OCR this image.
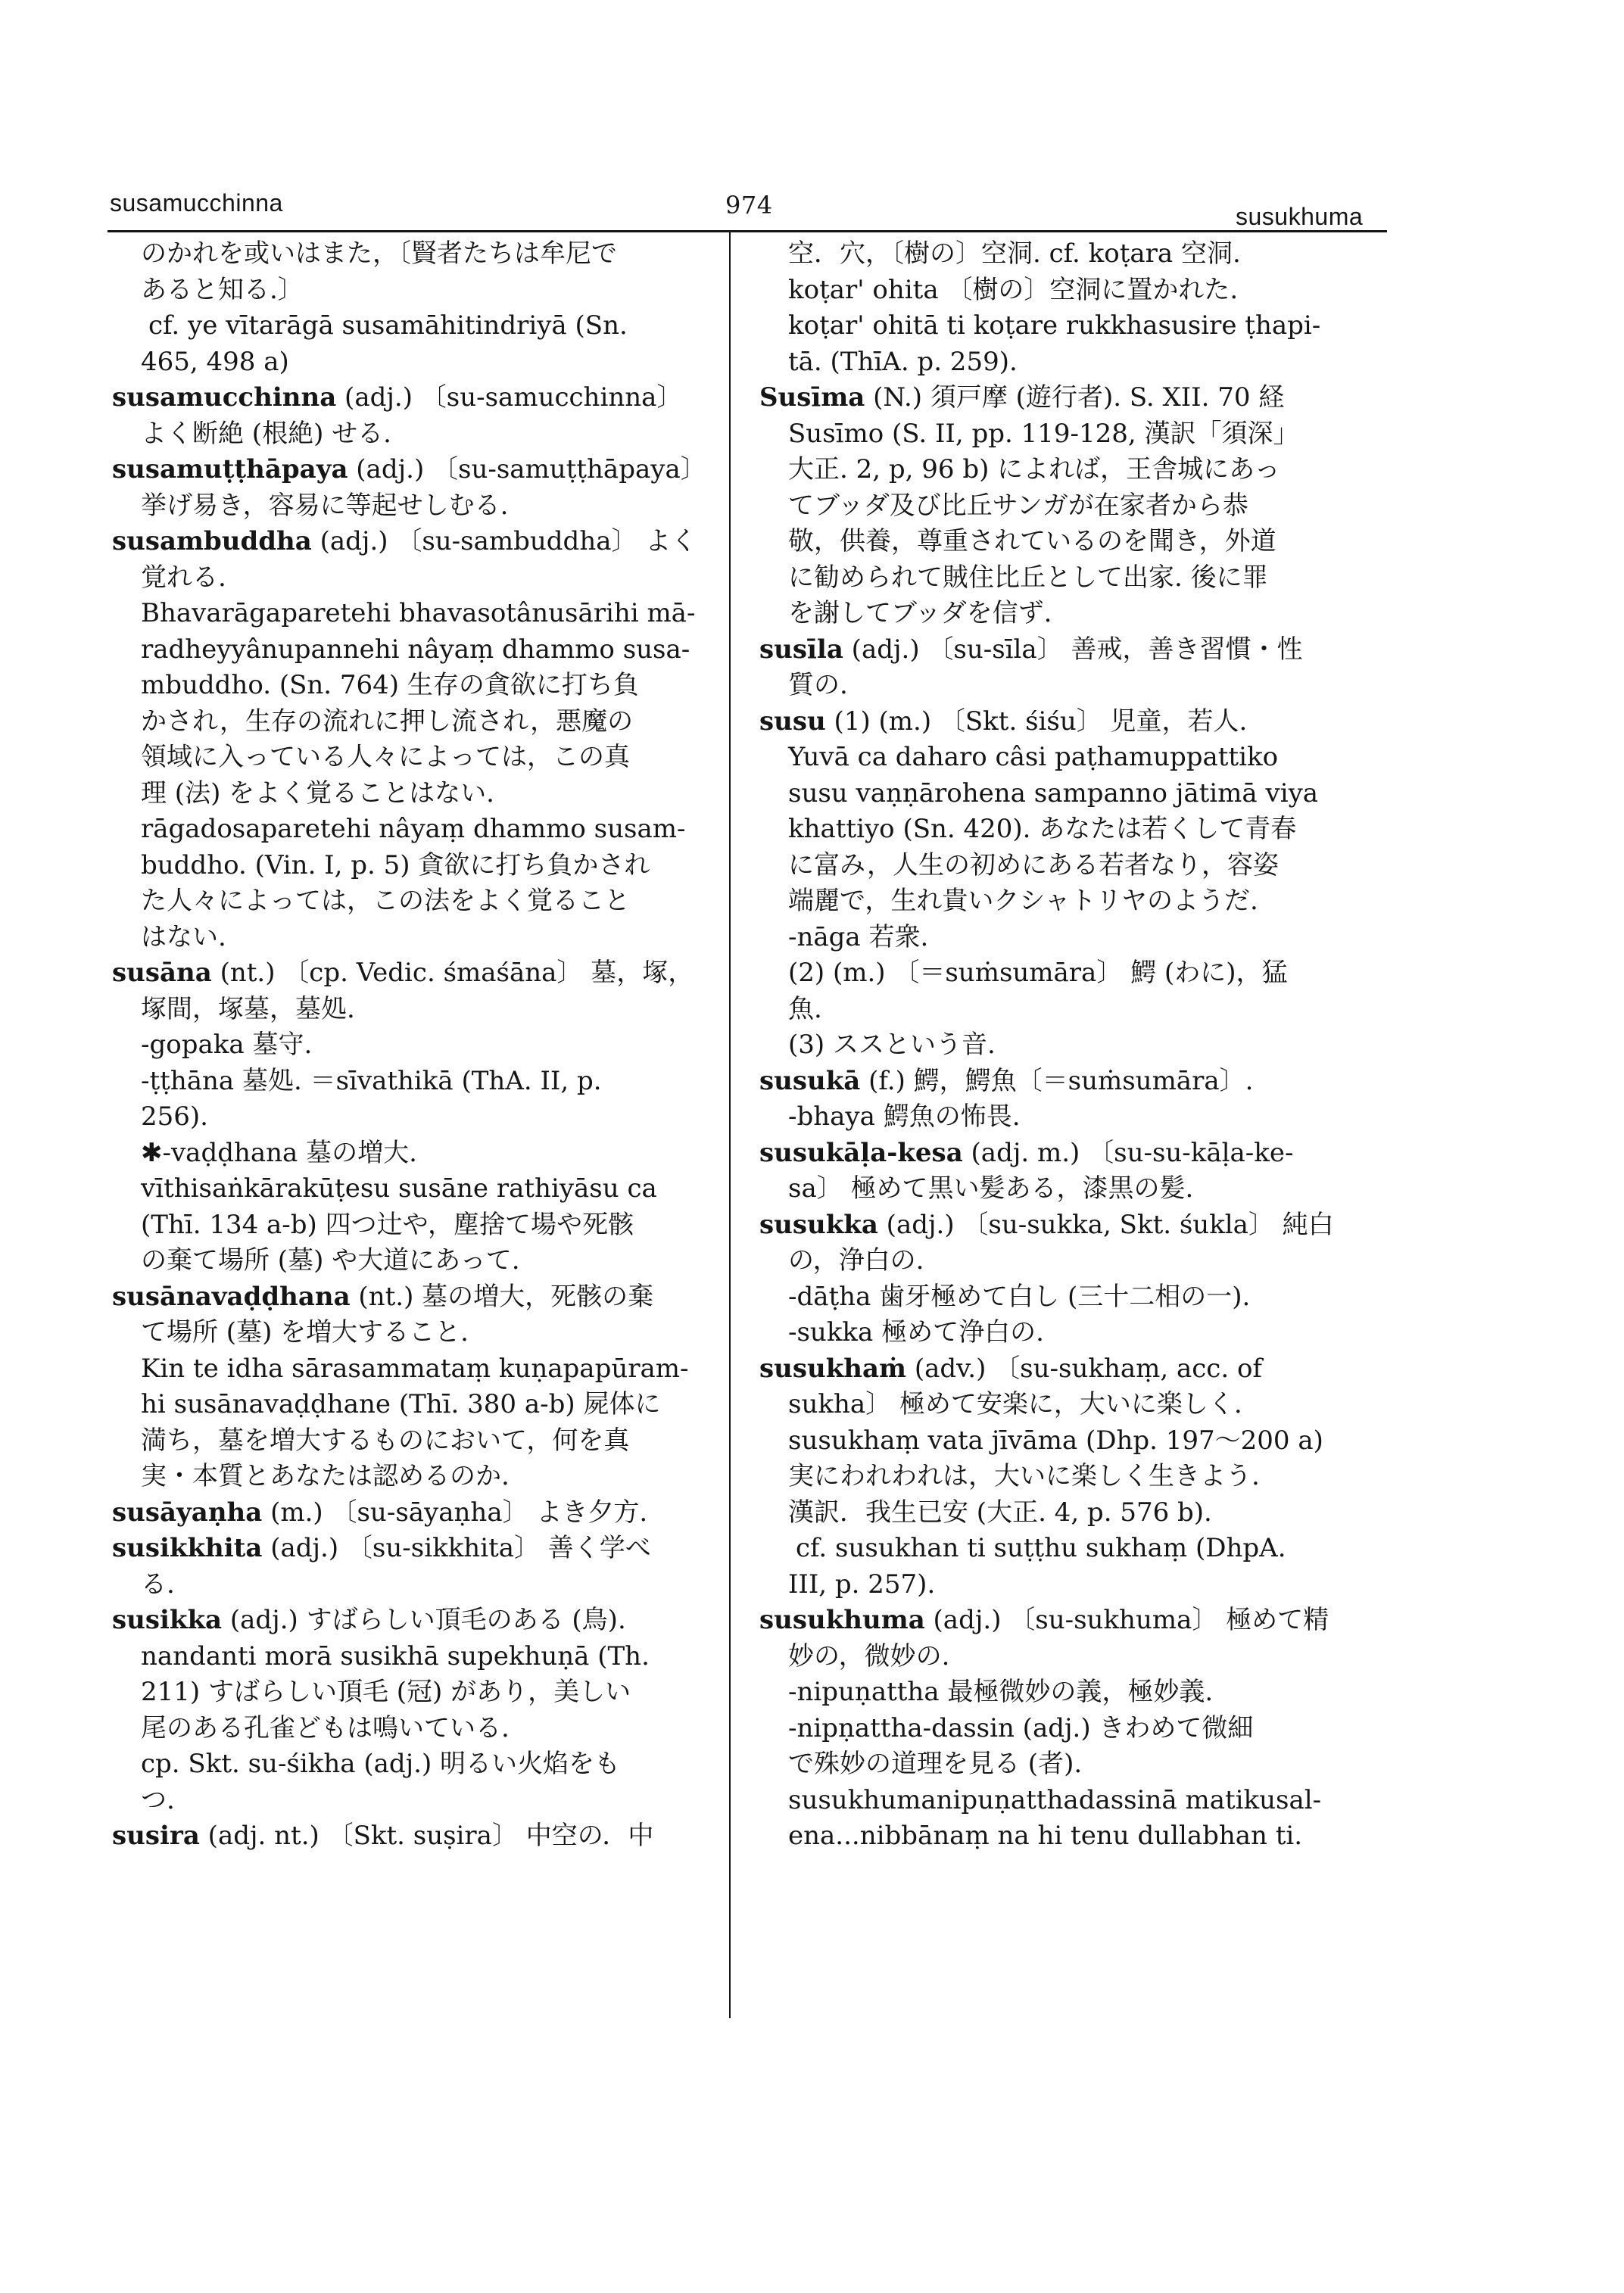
susamucchinna	974	susukhuma
のかれを或いはまた，〔賢者たちは牟尼で
あると知る.〕
cf. ye vītarāgā susamāhitindriyā (Sn.
465, 498 a)
susamucchinna (adj.) 〔su-samucchinna〕
よく断絶 (根絶) せる.
susamuṭṭhāpaya (adj.) 〔su-samuṭṭhāpaya〕
挙げ易き，容易に等起せしむる.
susambuddha (adj.) 〔su-sambuddha〕 よく
覚れる.
Bhavarāgaparetehi bhavasotânusārihi mā-
radheyyânupannehi nâyaṃ dhammo susa-
mbuddho. (Sn. 764) 生存の貪欲に打ち負
かされ，生存の流れに押し流され，悪魔の
領域に入っている人々によっては，この真
理 (法) をよく覚ることはない.
rāgadosaparetehi nâyaṃ dhammo susam-
buddho. (Vin. I, p. 5) 貪欲に打ち負かされ
た人々によっては，この法をよく覚ること
はない.
susāna (nt.) 〔cp. Vedic. śmaśāna〕 墓，塚，
塚間，塚墓，墓処.
-gopaka 墓守.
-ṭṭhāna 墓処. ＝sīvathikā (ThA. II, p.
256).
✱-vaḍḍhana 墓の増大.
vīthisaṅkārakūṭesu susāne rathiyāsu ca
(Thī. 134 a-b) 四つ辻や，塵捨て場や死骸
の棄て場所 (墓) や大道にあって.
susānavaḍḍhana (nt.) 墓の増大，死骸の棄
て場所 (墓) を増大すること.
Kin te idha sārasammataṃ kuṇapapūram-
hi susānavaḍḍhane (Thī. 380 a-b) 屍体に
満ち，墓を増大するものにおいて，何を真
実・本質とあなたは認めるのか.
susāyaṇha (m.) 〔su-sāyaṇha〕 よき夕方.
susikkhita (adj.) 〔su-sikkhita〕 善く学べ
る.
susikka (adj.) すばらしい頂毛のある (鳥).
nandanti morā susikhā supekhuṇā (Th.
211) すばらしい頂毛 (冠) があり，美しい
尾のある孔雀どもは鳴いている.
cp. Skt. su-śikha (adj.) 明るい火焰をも
つ.
susira (adj. nt.) 〔Skt. suṣira〕 中空の．中
空．穴，〔樹の〕空洞. cf. koṭara 空洞.
koṭar' ohita 〔樹の〕空洞に置かれた.
koṭar' ohitā ti koṭare rukkhasusire ṭhapi-
tā. (ThīA. p. 259).
Susīma (N.) 須戸摩 (遊行者). S. XII. 70 経
Susīmo (S. II, pp. 119-128, 漢訳「須深」
大正. 2, p, 96 b) によれば，王舎城にあっ
てブッダ及び比丘サンガが在家者から恭
敬，供養，尊重されているのを聞き，外道
に勧められて賊住比丘として出家. 後に罪
を謝してブッダを信ず.
susīla (adj.) 〔su-sīla〕 善戒，善き習慣・性
質の.
susu (1) (m.) 〔Skt. śiśu〕 児童，若人.
Yuvā ca daharo câsi paṭhamuppattiko
susu vaṇṇārohena sampanno jātimā viya
khattiyo (Sn. 420). あなたは若くして青春
に富み，人生の初めにある若者なり，容姿
端麗で，生れ貴いクシャトリヤのようだ.
-nāga 若衆.
(2) (m.) 〔＝suṁsumāra〕 鰐 (わに)，猛
魚.
(3) ススという音.
susukā (f.) 鰐，鰐魚〔＝suṁsumāra〕.
-bhaya 鰐魚の怖畏.
susukāḷa-kesa (adj. m.) 〔su-su-kāḷa-ke-
sa〕 極めて黒い髪ある，漆黒の髪.
susukka (adj.) 〔su-sukka, Skt. śukla〕 純白
の，浄白の.
-dāṭha 歯牙極めて白し (三十二相の一).
-sukka 極めて浄白の.
susukhaṁ (adv.) 〔su-sukhaṃ, acc. of
sukha〕 極めて安楽に，大いに楽しく.
susukhaṃ vata jīvāma (Dhp. 197〜200 a)
実にわれわれは，大いに楽しく生きよう.
漢訳．我生已安 (大正. 4, p. 576 b).
cf. susukhan ti suṭṭhu sukhaṃ (DhpA.
III, p. 257).
susukhuma (adj.) 〔su-sukhuma〕 極めて精
妙の，微妙の.
-nipuṇattha 最極微妙の義，極妙義.
-nipṇattha-dassin (adj.) きわめて微細
で殊妙の道理を見る (者).
susukhumanipuṇatthadassinā matikusal-
ena...nibbānaṃ na hi tenu dullabhan ti.
